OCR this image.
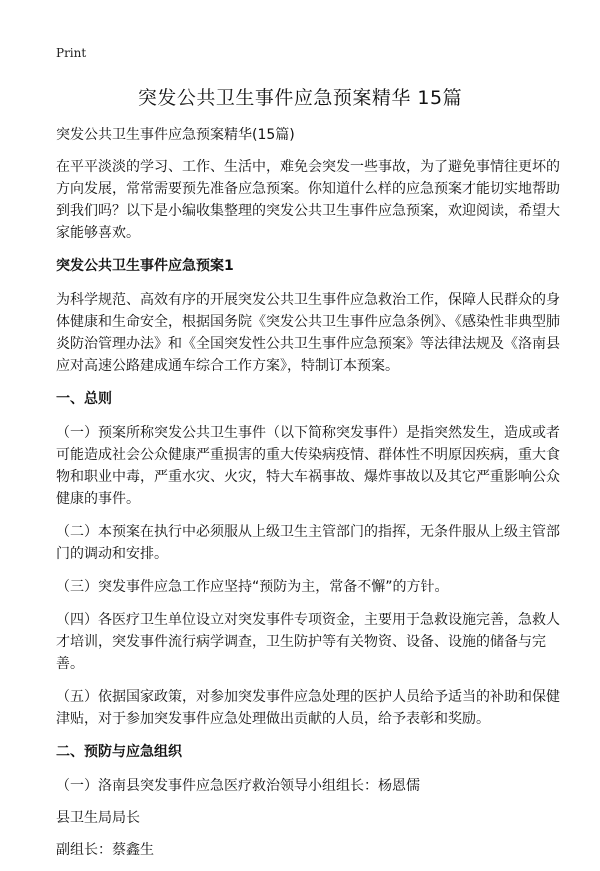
Print
突发公共卫生事件应急预案精华 15篇

突发公共卫生事件应急预案精华(15篇)

在平平淡淡的学习、工作、生活中，难免会突发一些事故，为了避免事情往更坏的方向发展，常常需要预先准备应急预案。你知道什么样的应急预案才能切实地帮助到我们吗？以下是小编收集整理的突发公共卫生事件应急预案，欢迎阅读，希望大家能够喜欢。

突发公共卫生事件应急预案1

为科学规范、高效有序的开展突发公共卫生事件应急救治工作，保障人民群众的身体健康和生命安全，根据国务院《突发公共卫生事件应急条例》、《感染性非典型肺炎防治管理办法》和《全国突发性公共卫生事件应急预案》等法律法规及《洛南县应对高速公路建成通车综合工作方案》，特制订本预案。

一、总则

（一）预案所称突发公共卫生事件（以下简称突发事件）是指突然发生，造成或者可能造成社会公众健康严重损害的重大传染病疫情、群体性不明原因疾病，重大食物和职业中毒，严重水灾、火灾，特大车祸事故、爆炸事故以及其它严重影响公众健康的事件。

（二）本预案在执行中必须服从上级卫生主管部门的指挥，无条件服从上级主管部门的调动和安排。

（三）突发事件应急工作应坚持“预防为主，常备不懈”的方针。

（四）各医疗卫生单位设立对突发事件专项资金，主要用于急救设施完善，急救人才培训，突发事件流行病学调查，卫生防护等有关物资、设备、设施的储备与完善。

（五）依据国家政策，对参加突发事件应急处理的医护人员给予适当的补助和保健津贴，对于参加突发事件应急处理做出贡献的人员，给予表彰和奖励。

二、预防与应急组织

（一）洛南县突发事件应急医疗救治领导小组组长：杨恩儒

县卫生局局长

副组长：蔡鑫生
